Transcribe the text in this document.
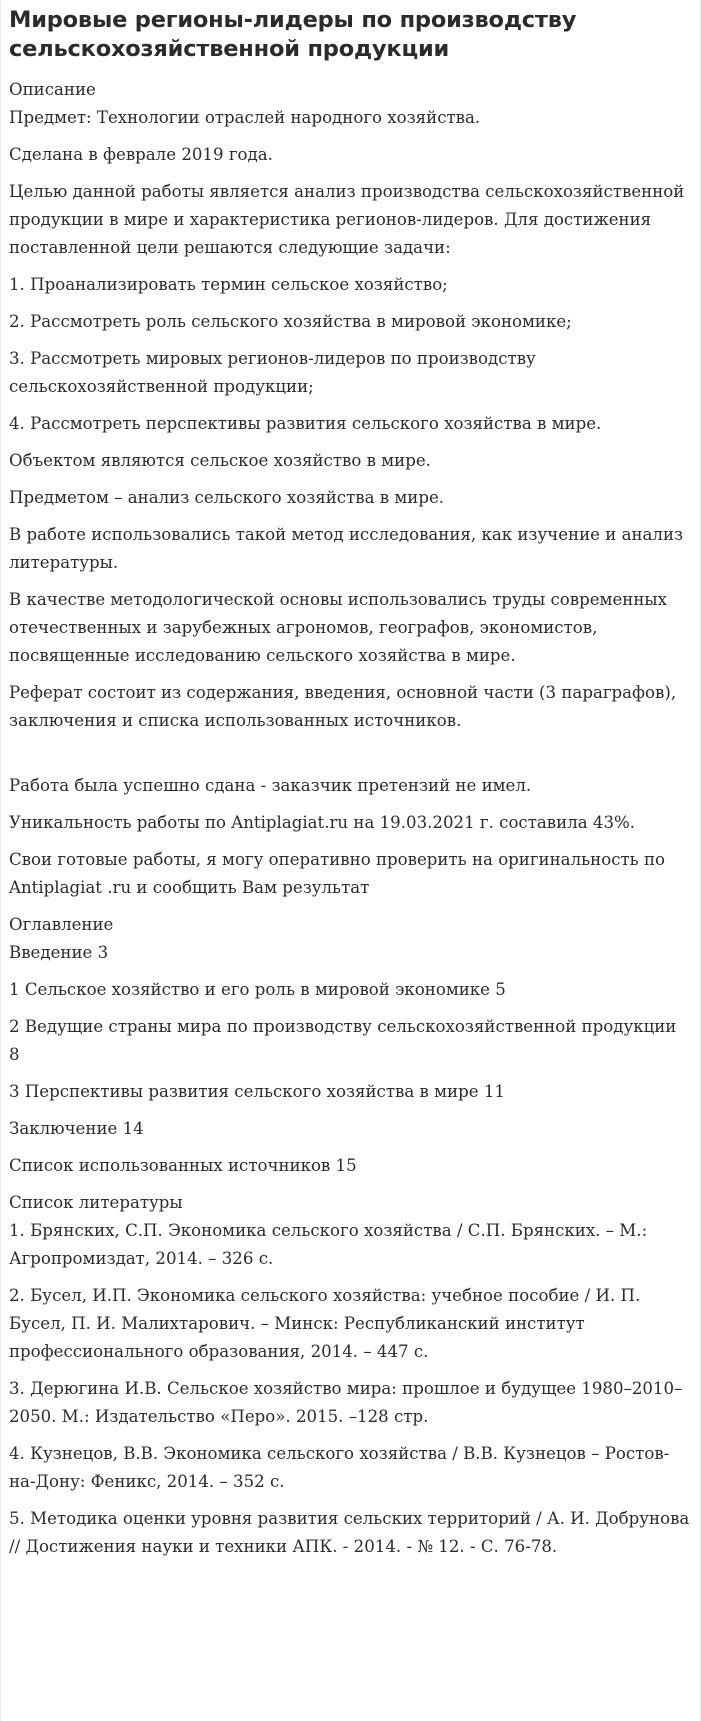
Мировые регионы-лидеры по производству сельскохозяйственной продукции
Описание

Предмет: Технологии отраслей народного хозяйства.

Сделана в феврале 2019 года.

Целью данной работы является анализ производства сельскохозяйственной продукции в мире и характеристика регионов-лидеров. Для достижения поставленной цели решаются следующие задачи:

1. Проанализировать термин сельское хозяйство;

2. Рассмотреть роль сельского хозяйства в мировой экономике;

3. Рассмотреть мировых регионов-лидеров по производству сельскохозяйственной продукции;

4. Рассмотреть перспективы развития сельского хозяйства в мире.

Объектом являются сельское хозяйство в мире.

Предметом – анализ сельского хозяйства в мире.

В работе использовались такой метод исследования, как изучение и анализ литературы.

В качестве методологической основы использовались труды современных отечественных и зарубежных агрономов, географов, экономистов, посвященные исследованию сельского хозяйства в мире.

Реферат состоит из содержания, введения, основной части (3 параграфов), заключения и списка использованных источников.

Работа была успешно сдана - заказчик претензий не имел.

Уникальность работы по Antiplagiat.ru на 19.03.2021 г. составила 43%.

Свои готовые работы, я могу оперативно проверить на оригинальность по Antiplagiat .ru и сообщить Вам результат

Оглавление

Введение 3

1 Сельское хозяйство и его роль в мировой экономике 5

2 Ведущие страны мира по производству сельскохозяйственной продукции 8

3 Перспективы развития сельского хозяйства в мире 11

Заключение 14

Список использованных источников 15

Список литературы

1. Брянских, С.П. Экономика сельского хозяйства / С.П. Брянских. – М.: Агропромиздат, 2014. – 326 с.

2. Бусел, И.П. Экономика сельского хозяйства: учебное пособие / И. П. Бусел, П. И. Малихтарович. – Минск: Республиканский институт профессионального образования, 2014. – 447 с.

3. Дерюгина И.В. Сельское хозяйство мира: прошлое и будущее 1980–2010–2050. М.: Издательство «Перо». 2015. –128 стр.

4. Кузнецов, В.В. Экономика сельского хозяйства / В.В. Кузнецов – Ростов-на-Дону: Феникс, 2014. – 352 с.

5. Методика оценки уровня развития сельских территорий / А. И. Добрунова // Достижения науки и техники АПК. - 2014. - № 12. - С. 76-78.
